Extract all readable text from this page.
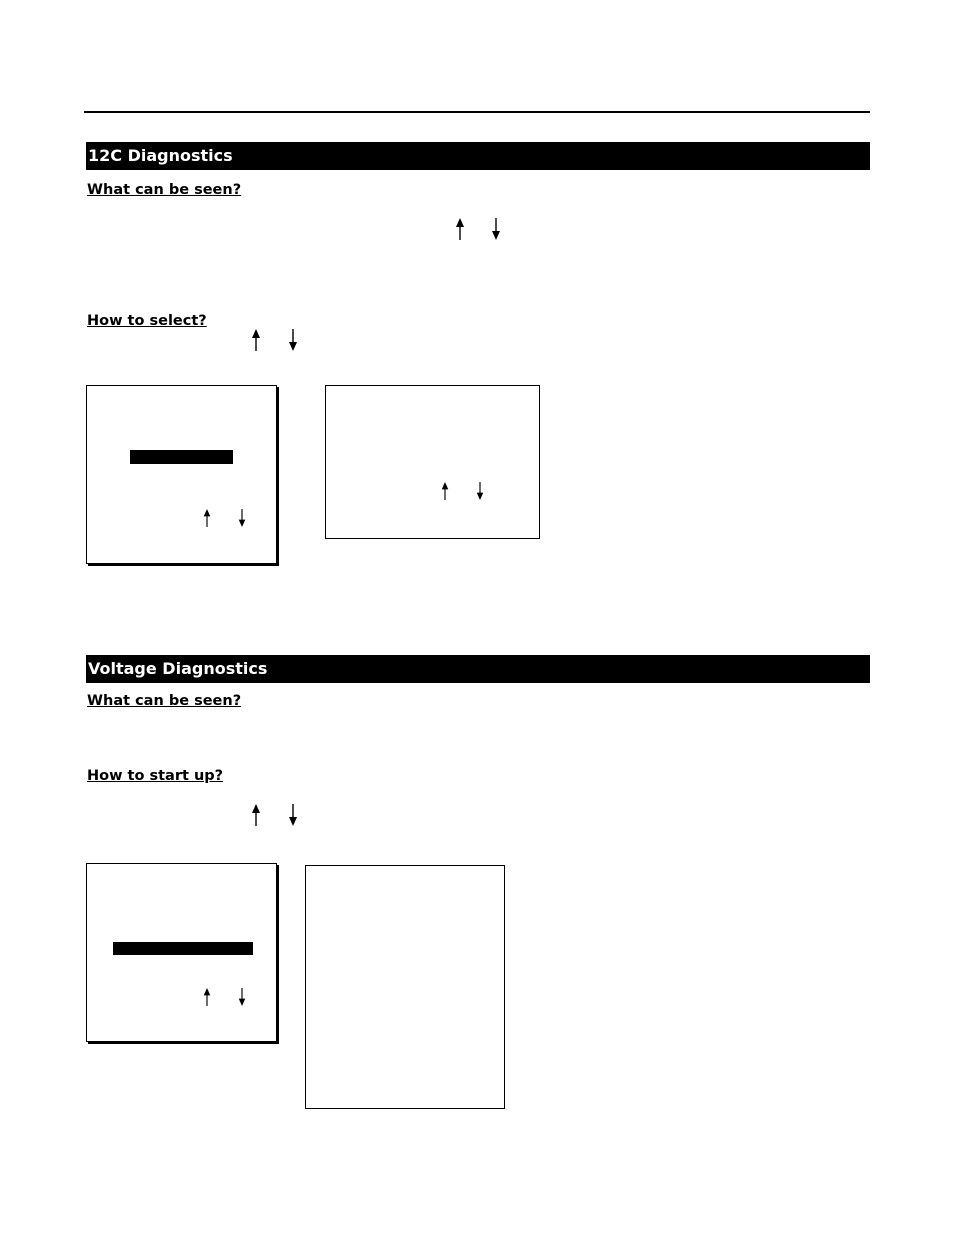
12C Diagnostics
What can be seen?
How to select?
Voltage Diagnostics
What can be seen?
How to start up?
